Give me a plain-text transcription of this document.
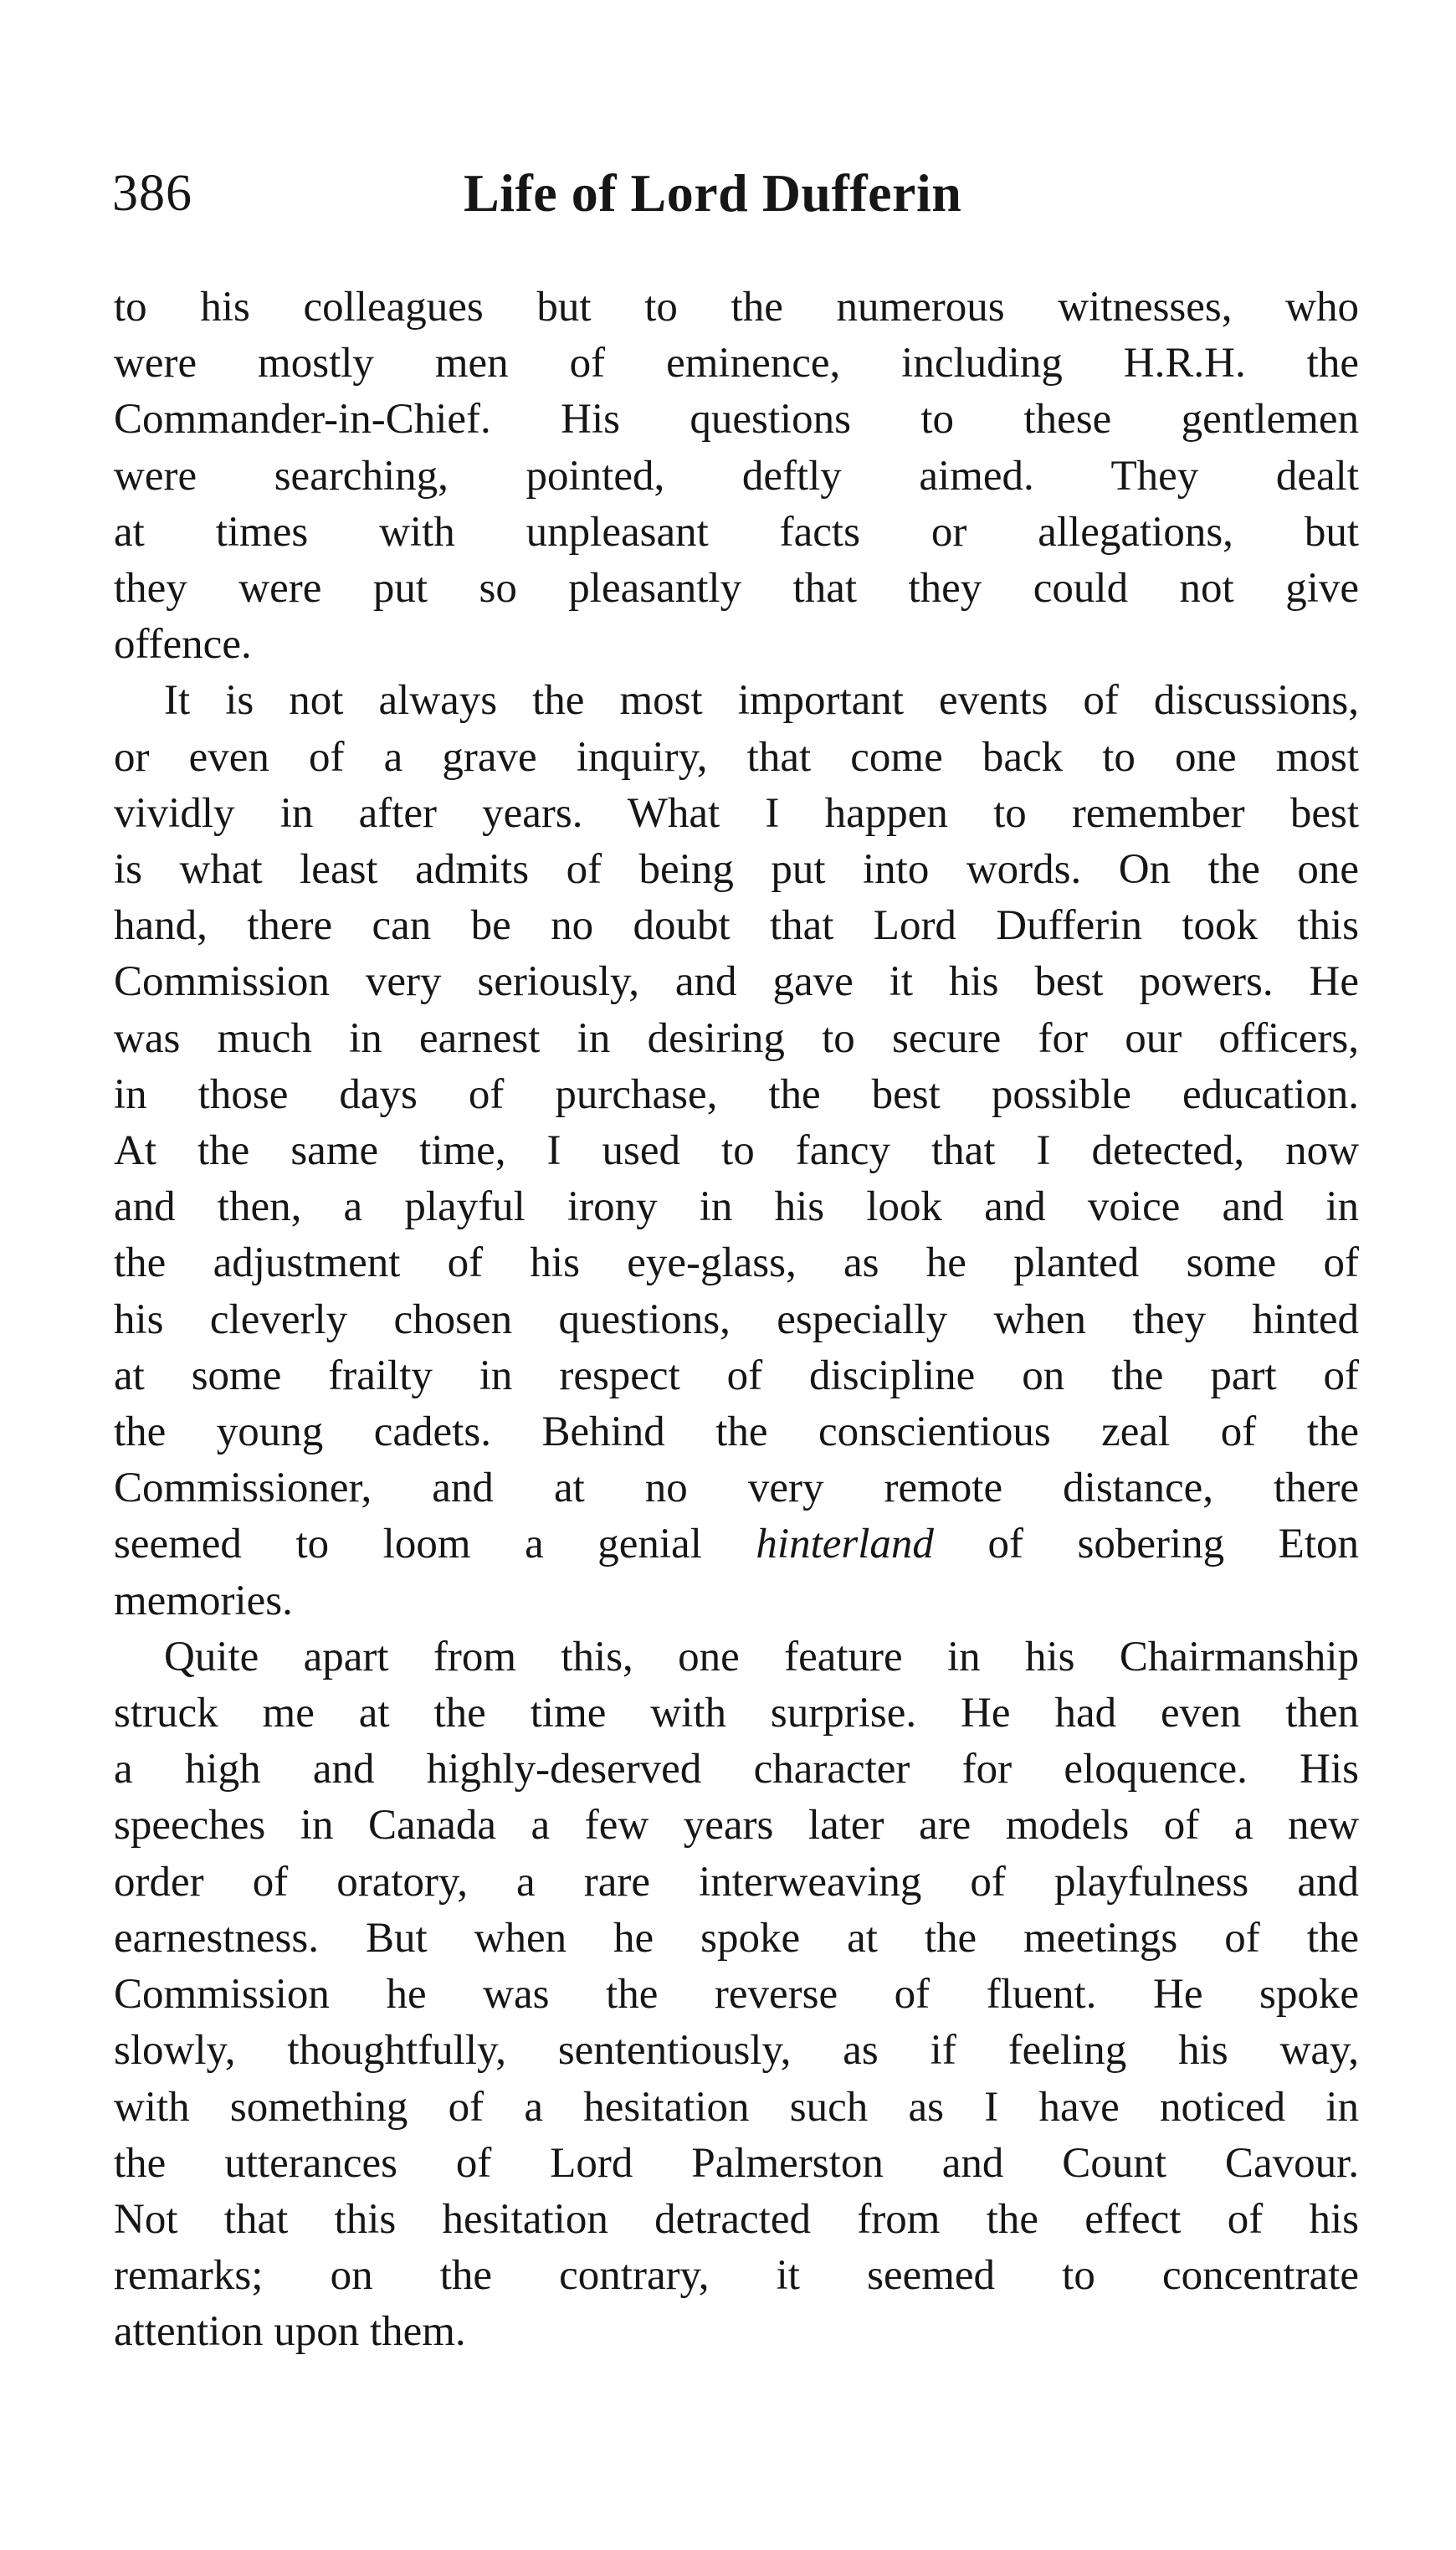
386	Life of Lord Dufferin

to his colleagues but to the numerous witnesses, who
were mostly men of eminence, including H.R.H. the
Commander-in-Chief. His questions to these gentlemen
were searching, pointed, deftly aimed. They dealt
at times with unpleasant facts or allegations, but
they were put so pleasantly that they could not give
offence.

It is not always the most important events of discussions,
or even of a grave inquiry, that come back to one most
vividly in after years. What I happen to remember best
is what least admits of being put into words. On the one
hand, there can be no doubt that Lord Dufferin took this
Commission very seriously, and gave it his best powers. He
was much in earnest in desiring to secure for our officers,
in those days of purchase, the best possible education.
At the same time, I used to fancy that I detected, now
and then, a playful irony in his look and voice and in
the adjustment of his eye-glass, as he planted some of
his cleverly chosen questions, especially when they hinted
at some frailty in respect of discipline on the part of
the young cadets. Behind the conscientious zeal of the
Commissioner, and at no very remote distance, there
seemed to loom a genial hinterland of sobering Eton
memories.

Quite apart from this, one feature in his Chairmanship
struck me at the time with surprise. He had even then
a high and highly-deserved character for eloquence. His
speeches in Canada a few years later are models of a new
order of oratory, a rare interweaving of playfulness and
earnestness. But when he spoke at the meetings of the
Commission he was the reverse of fluent. He spoke
slowly, thoughtfully, sententiously, as if feeling his way,
with something of a hesitation such as I have noticed in
the utterances of Lord Palmerston and Count Cavour.
Not that this hesitation detracted from the effect of his
remarks; on the contrary, it seemed to concentrate
attention upon them.
